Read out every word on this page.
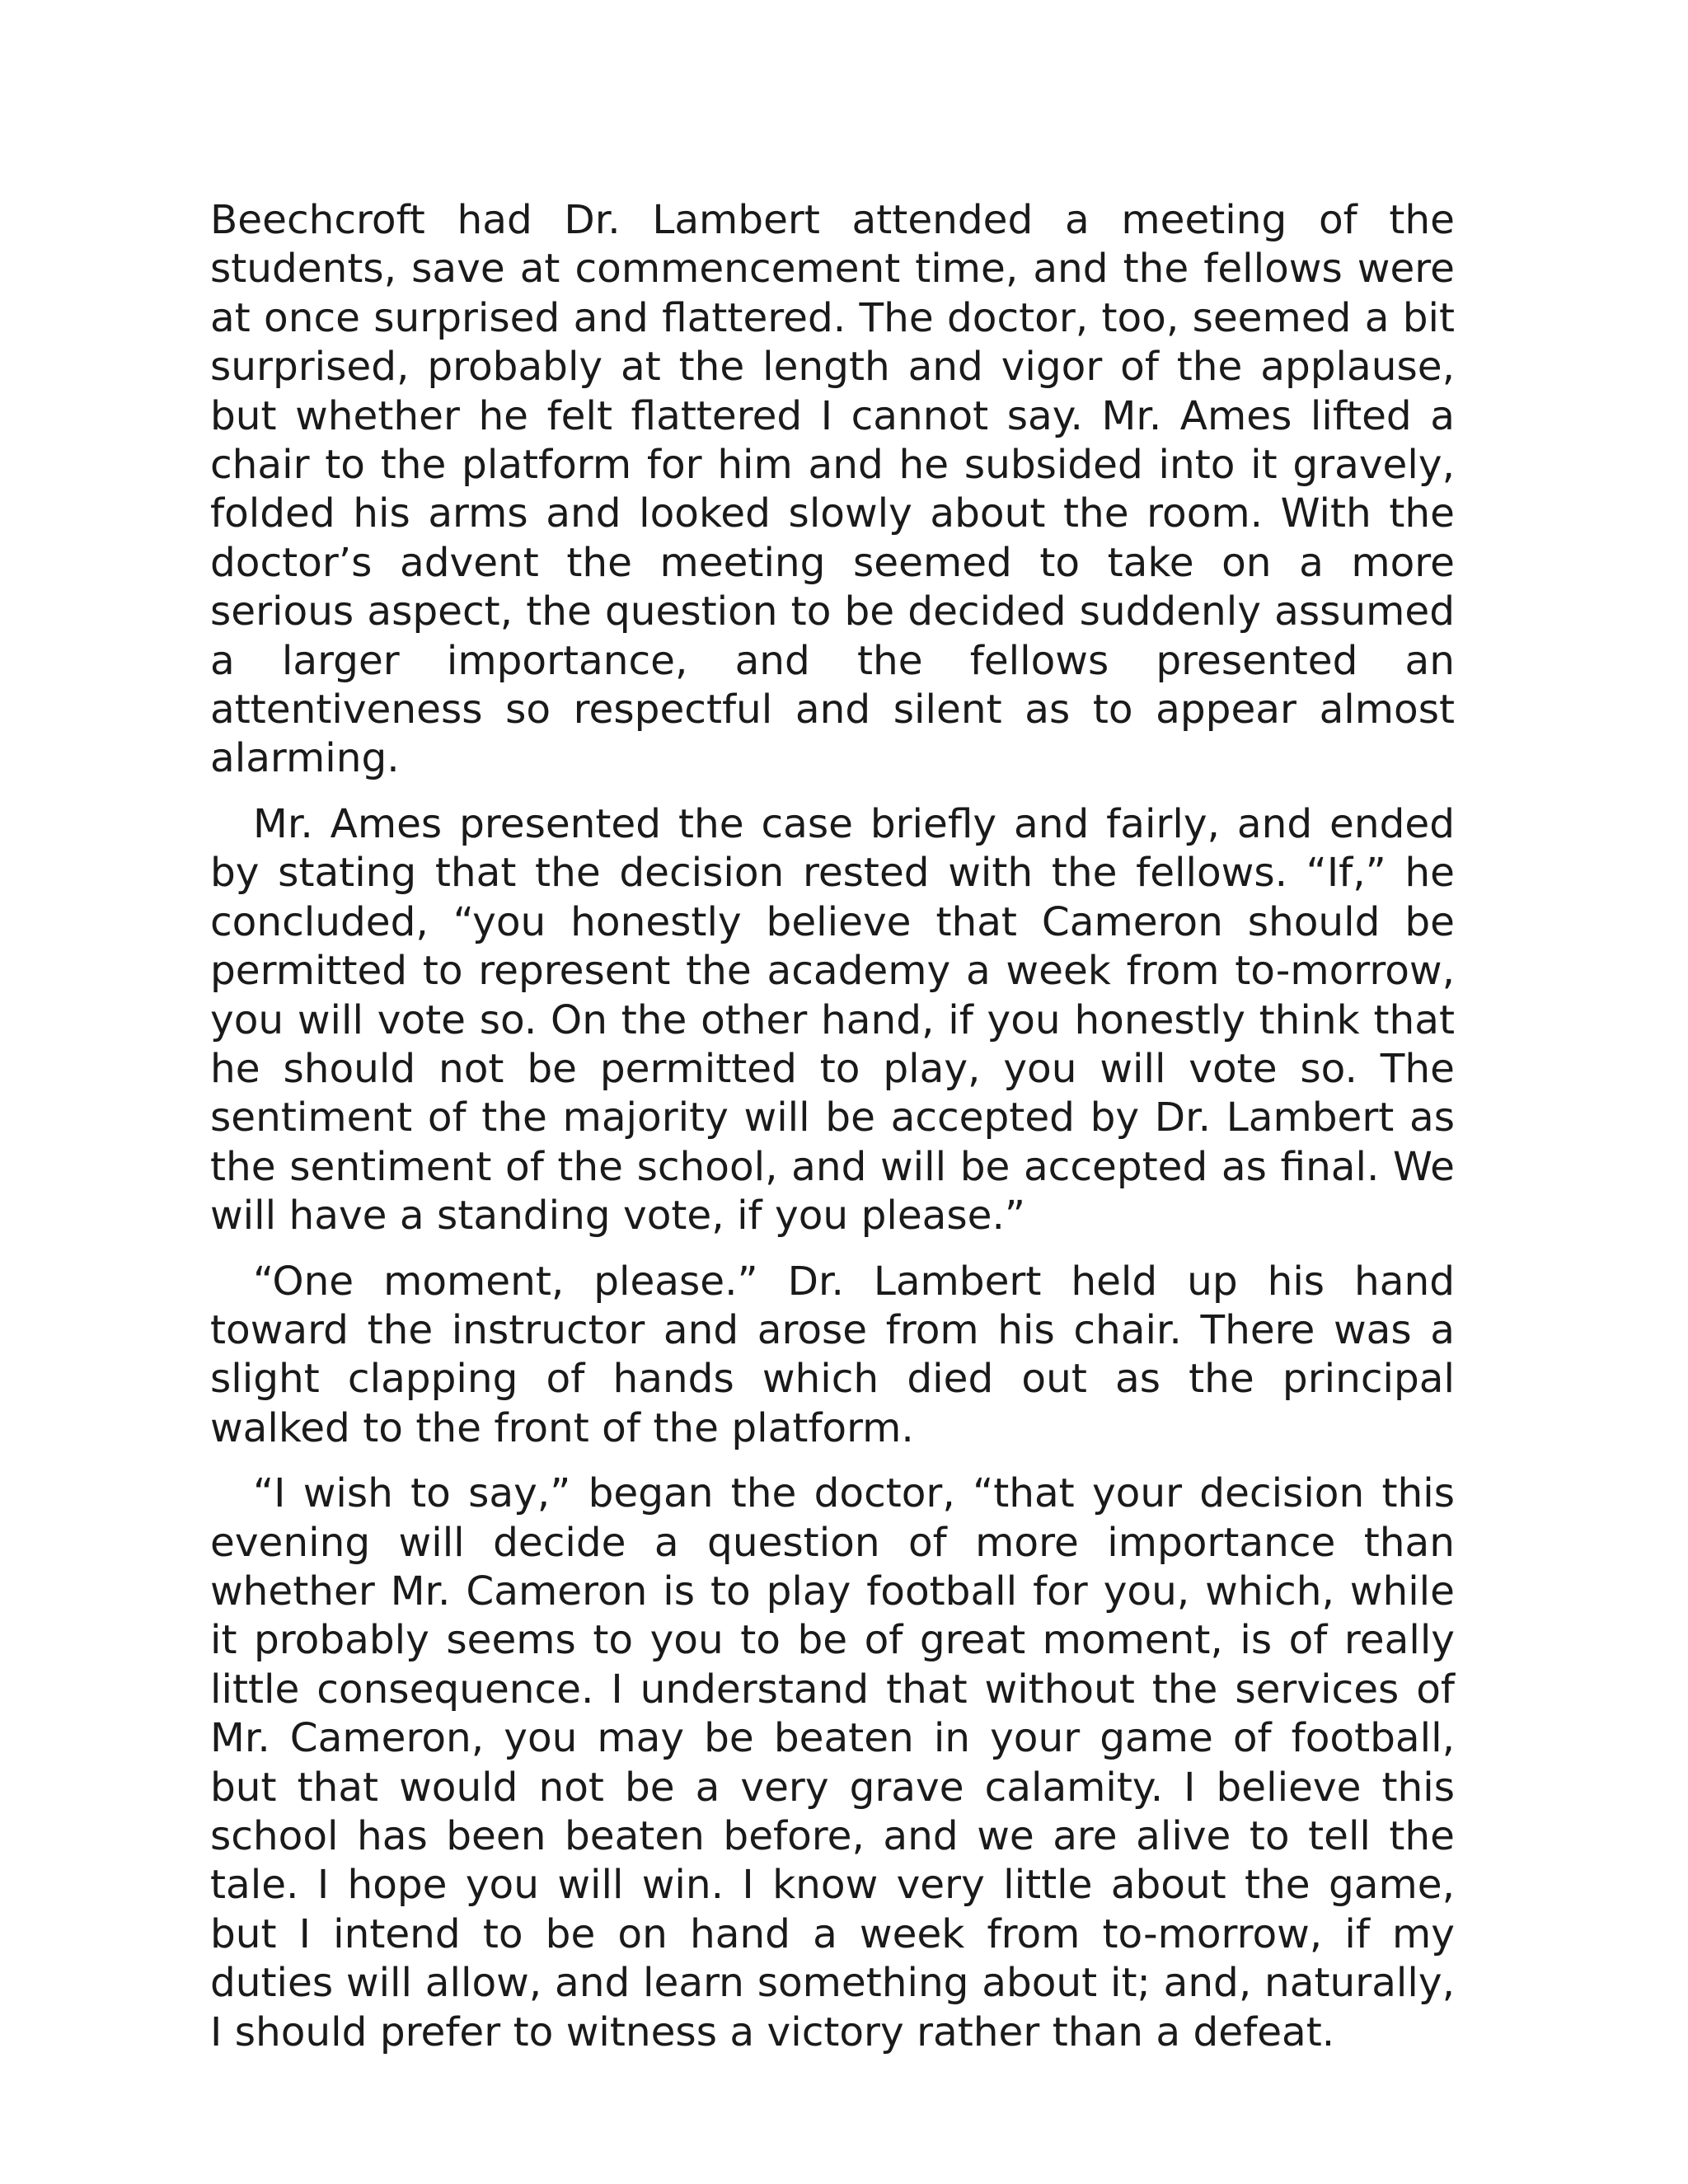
Beechcroft had Dr. Lambert attended a meeting of the students, save at commencement time, and the fellows were at once surprised and flattered. The doctor, too, seemed a bit surprised, probably at the length and vigor of the applause, but whether he felt flattered I cannot say. Mr. Ames lifted a chair to the platform for him and he subsided into it gravely, folded his arms and looked slowly about the room. With the doctor’s advent the meeting seemed to take on a more serious aspect, the question to be decided suddenly assumed a larger importance, and the fellows presented an attentiveness so respectful and silent as to appear almost alarming.

Mr. Ames presented the case briefly and fairly, and ended by stating that the decision rested with the fellows. “If,” he concluded, “you honestly believe that Cameron should be permitted to represent the academy a week from to-morrow, you will vote so. On the other hand, if you honestly think that he should not be permitted to play, you will vote so. The sentiment of the majority will be accepted by Dr. Lambert as the sentiment of the school, and will be accepted as final. We will have a standing vote, if you please.”

“One moment, please.” Dr. Lambert held up his hand toward the instructor and arose from his chair. There was a slight clapping of hands which died out as the principal walked to the front of the platform.

“I wish to say,” began the doctor, “that your decision this evening will decide a question of more importance than whether Mr. Cameron is to play football for you, which, while it probably seems to you to be of great moment, is of really little consequence. I understand that without the services of Mr. Cameron, you may be beaten in your game of football, but that would not be a very grave calamity. I believe this school has been beaten before, and we are alive to tell the tale. I hope you will win. I know very little about the game, but I intend to be on hand a week from to-morrow, if my duties will allow, and learn something about it; and, naturally, I should prefer to witness a victory rather than a defeat.
